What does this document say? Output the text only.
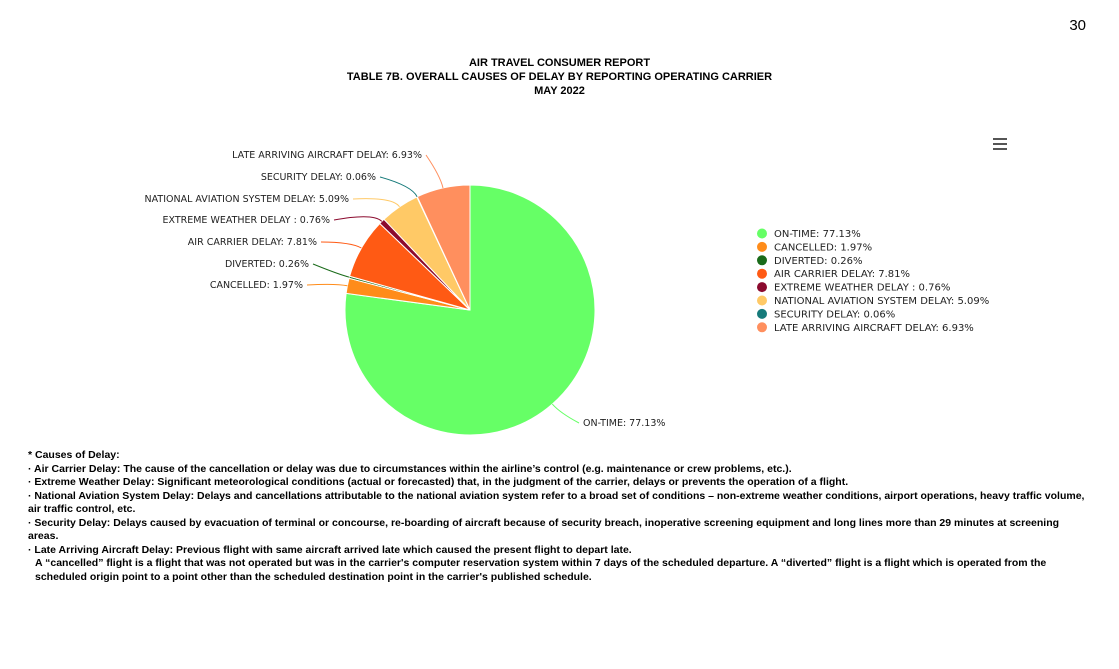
30
AIR TRAVEL CONSUMER REPORT
TABLE 7B. OVERALL CAUSES OF DELAY BY REPORTING OPERATING CARRIER
MAY 2022
ON-TIME: 77.13%
CANCELLED: 1.97%
DIVERTED: 0.26%
AIR CARRIER DELAY: 7.81%
EXTREME WEATHER DELAY : 0.76%
NATIONAL AVIATION SYSTEM DELAY: 5.09%
SECURITY DELAY: 0.06%
LATE ARRIVING AIRCRAFT DELAY: 6.93%
ON-TIME: 77.13%
CANCELLED: 1.97%
DIVERTED: 0.26%
AIR CARRIER DELAY: 7.81%
EXTREME WEATHER DELAY : 0.76%
NATIONAL AVIATION SYSTEM DELAY: 5.09%
SECURITY DELAY: 0.06%
LATE ARRIVING AIRCRAFT DELAY: 6.93%

* Causes of Delay:

· Air Carrier Delay: The cause of the cancellation or delay was due to circumstances within the airline’s control (e.g. maintenance or crew problems, etc.).

· Extreme Weather Delay: Significant meteorological conditions (actual or forecasted) that, in the judgment of the carrier, delays or prevents the operation of a flight.

· National Aviation System Delay: Delays and cancellations attributable to the national aviation system refer to a broad set of conditions – non-extreme weather conditions, airport operations, heavy traffic volume, air traffic control, etc.

· Security Delay: Delays caused by evacuation of terminal or concourse, re-boarding of aircraft because of security breach, inoperative screening equipment and long lines more than 29 minutes at screening areas.

· Late Arriving Aircraft Delay: Previous flight with same aircraft arrived late which caused the present flight to depart late.

A “cancelled” flight is a flight that was not operated but was in the carrier's computer reservation system within 7 days of the scheduled departure. A “diverted” flight is a flight which is operated from the scheduled origin point to a point other than the scheduled destination point in the carrier's published schedule.
